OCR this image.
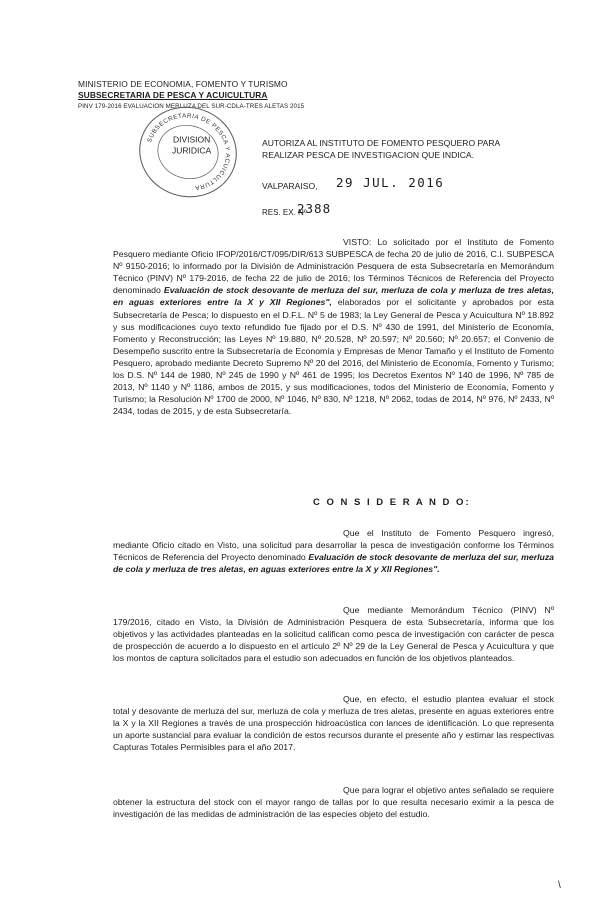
MINISTERIO DE ECONOMIA, FOMENTO Y TURISMO
SUBSECRETARIA DE PESCA Y ACUICULTURA
PINV 179-2016 EVALUACION MERLUZA DEL SUR-CDLA-TRES ALETAS 2015
SUBSECRETARIA DE PESCA Y ACUICULTURA
DIVISION
JURIDICA
AUTORIZA AL INSTITUTO DE FOMENTO PESQUERO PARA
REALIZAR PESCA DE INVESTIGACION QUE INDICA.
VALPARAISO, 29 JUL. 2016
RES. EX. Nº
2388

VISTO: Lo solicitado por el Instituto de Fomento Pesquero mediante Oficio IFOP/2016/CT/095/DIR/613 SUBPESCA de fecha 20 de julio de 2016, C.I. SUBPESCA Nº 9150-2016; lo informado por la División de Administración Pesquera de esta Subsecretaría en Memorándum Técnico (PINV) Nº 179-2016, de fecha 22 de julio de 2016; los Términos Técnicos de Referencia del Proyecto denominado Evaluación de stock desovante de merluza del sur, merluza de cola y merluza de tres aletas, en aguas exteriores entre la X y XII Regiones", elaborados por el solicitante y aprobados por esta Subsecretaría de Pesca; lo dispuesto en el D.F.L. Nº 5 de 1983; la Ley General de Pesca y Acuicultura Nº 18.892 y sus modificaciones cuyo texto refundido fue fijado por el D.S. Nº 430 de 1991, del Ministerio de Economía, Fomento y Reconstrucción; las Leyes Nº 19.880, Nº 20.528, Nº 20.597; Nº 20.560; Nº 20.657; el Convenio de Desempeño suscrito entre la Subsecretaría de Economía y Empresas de Menor Tamaño y el Instituto de Fomento Pesquero, aprobado mediante Decreto Supremo Nº 20 del 2016, del Ministerio de Economía, Fomento y Turismo; los D.S. Nº 144 de 1980, Nº 245 de 1990 y Nº 461 de 1995; los Decretos Exentos Nº 140 de 1996, Nº 785 de 2013, Nº 1140 y Nº 1186, ambos de 2015, y sus modificaciones, todos del Ministerio de Economía, Fomento y Turismo; la Resolución Nº 1700 de 2000, Nº 1046, Nº 830, Nº 1218, Nº 2062, todas de 2014, Nº 976, Nº 2433, Nº 2434, todas de 2015, y de esta Subsecretaría.

C O N S I D E R A N D O:

Que el Instituto de Fomento Pesquero ingresó, mediante Oficio citado en Visto, una solicitud para desarrollar la pesca de investigación conforme los Términos Técnicos de Referencia del Proyecto denominado Evaluación de stock desovante de merluza del sur, merluza de cola y merluza de tres aletas, en aguas exteriores entre la X y XII Regiones".

Que mediante Memorándum Técnico (PINV) Nº 179/2016, citado en Visto, la División de Administración Pesquera de esta Subsecretaría, informa que los objetivos y las actividades planteadas en la solicitud califican como pesca de investigación con carácter de pesca de prospección de acuerdo a lo dispuesto en el artículo 2º Nº 29 de la Ley General de Pesca y Acuicultura y que los montos de captura solicitados para el estudio son adecuados en función de los objetivos planteados.

Que, en efecto, el estudio plantea evaluar el stock total y desovante de merluza del sur, merluza de cola y merluza de tres aletas, presente en aguas exteriores entre la X y la XII Regiones a través de una prospección hidroacústica con lances de identificación. Lo que representa un aporte sustancial para evaluar la condición de estos recursos durante el presente año y estimar las respectivas Capturas Totales Permisibles para el año 2017.

Que para lograr el objetivo antes señalado se requiere obtener la estructura del stock con el mayor rango de tallas por lo que resulta necesario eximir a la pesca de investigación de las medidas de administración de las especies objeto del estudio.

\
